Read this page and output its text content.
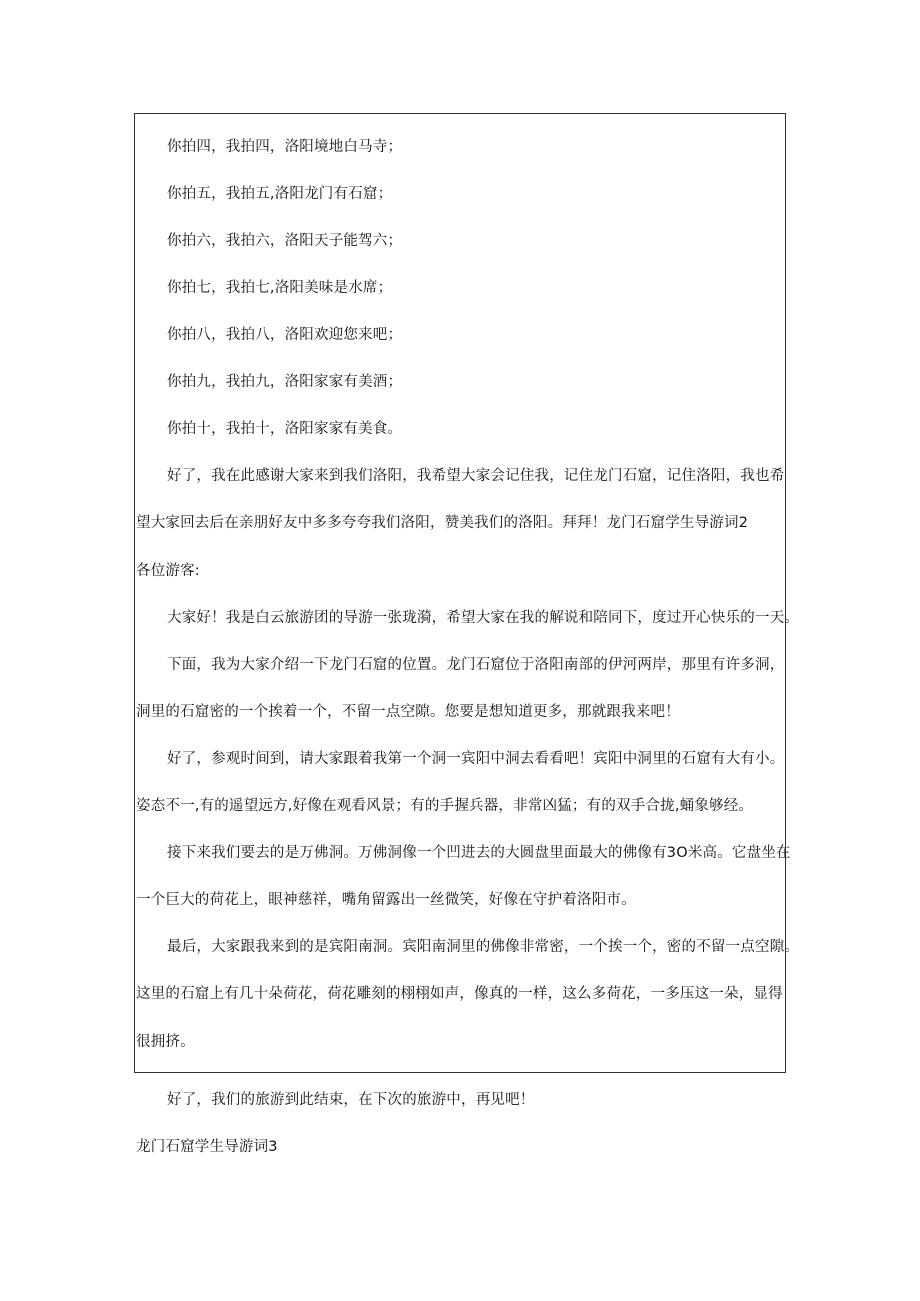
你拍四，我拍四，洛阳境地白马寺；
你拍五，我拍五,洛阳龙门有石窟；
你拍六，我拍六，洛阳天子能驾六；
你拍七，我拍七,洛阳美味是水席；
你拍八，我拍八，洛阳欢迎您来吧；
你拍九，我拍九，洛阳家家有美酒；
你拍十，我拍十，洛阳家家有美食。
好了，我在此感谢大家来到我们洛阳，我希望大家会记住我，记住龙门石窟，记住洛阳，我也希
望大家回去后在亲朋好友中多多夸夸我们洛阳，赞美我们的洛阳。拜拜！龙门石窟学生导游词2
各位游客:
大家好！我是白云旅游团的导游一张珑漪，希望大家在我的解说和陪同下，度过开心快乐的一天。
下面，我为大家介绍一下龙门石窟的位置。龙门石窟位于洛阳南部的伊河两岸，那里有许多洞，
洞里的石窟密的一个挨着一个，不留一点空隙。您要是想知道更多，那就跟我来吧！
好了，参观时间到，请大家跟着我第一个洞一宾阳中洞去看看吧！宾阳中洞里的石窟有大有小。
姿态不一,有的遥望远方,好像在观看风景；有的手握兵器，非常凶猛；有的双手合拢,蛹象够经。
接下来我们要去的是万佛洞。万佛洞像一个凹进去的大圆盘里面最大的佛像有3O米高。它盘坐在
一个巨大的荷花上，眼神慈祥，嘴角留露出一丝微笑，好像在守护着洛阳市。
最后，大家跟我来到的是宾阳南洞。宾阳南洞里的佛像非常密，一个挨一个，密的不留一点空隙。
这里的石窟上有几十朵荷花，荷花雕刻的栩栩如声，像真的一样，这么多荷花，一多压这一朵，显得
很拥挤。
好了，我们的旅游到此结束，在下次的旅游中，再见吧！
龙门石窟学生导游词3
